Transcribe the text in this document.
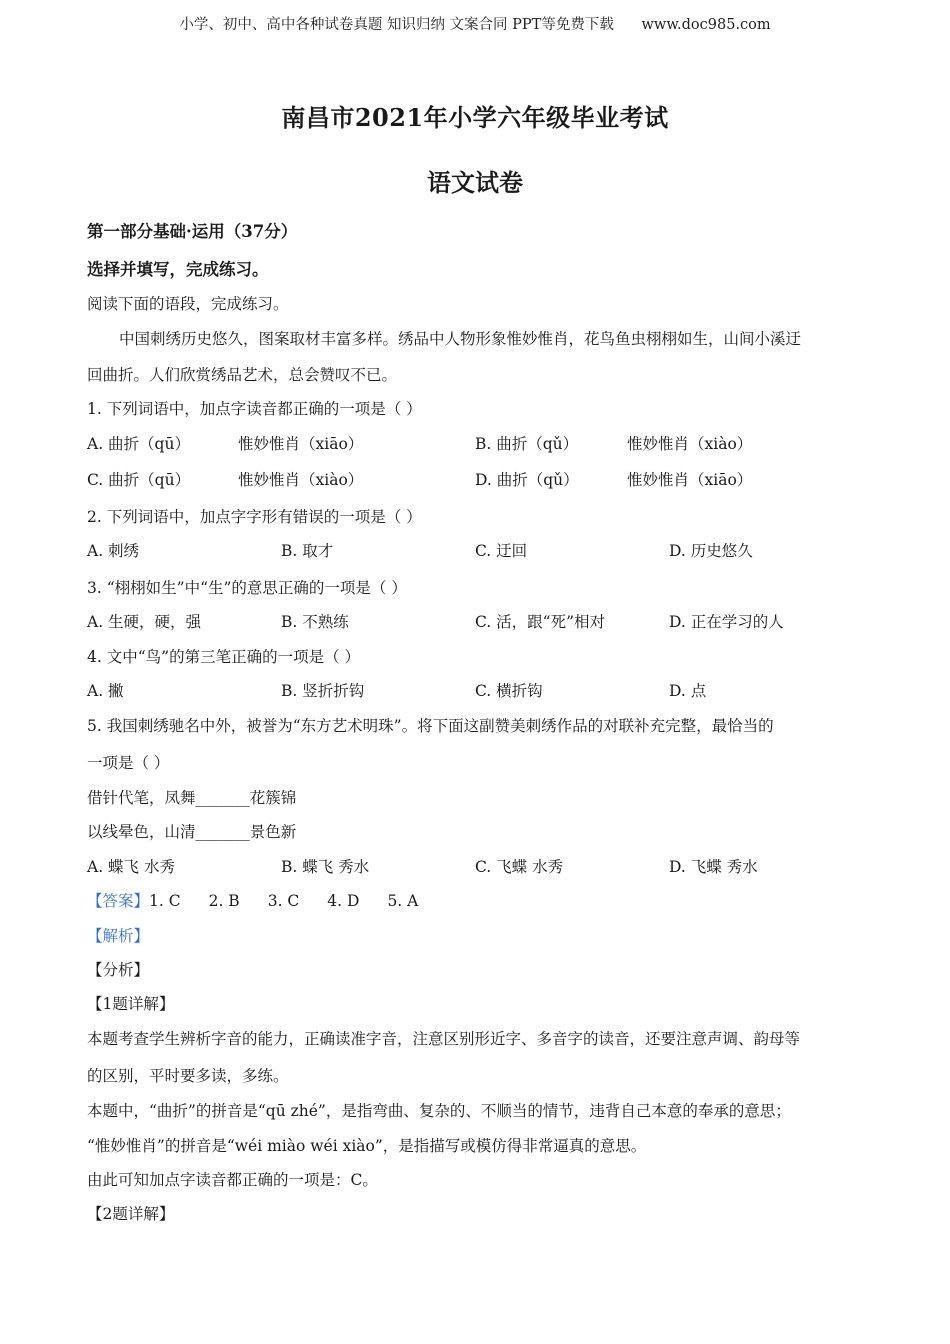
小学、初中、高中各种试卷真题 知识归纳 文案合同 PPT等免费下载      www.doc985.com
南昌市2021年小学六年级毕业考试
语文试卷
第一部分基础·运用（37分）
选择并填写，完成练习。
阅读下面的语段，完成练习。
中国刺绣历史悠久，图案取材丰富多样。绣品中人物形象惟妙惟肖，花鸟鱼虫栩栩如生，山间小溪迂
回曲折。人们欣赏绣品艺术，总会赞叹不已。
1. 下列词语中，加点字读音都正确的一项是（ ）
A. 曲折（qū）	惟妙惟肖（xiāo）	B. 曲折（qǔ）	惟妙惟肖（xiào）
C. 曲折（qū）	惟妙惟肖（xiào）	D. 曲折（qǔ）	惟妙惟肖（xiāo）
2. 下列词语中，加点字字形有错误的一项是（ ）
A. 刺绣	B. 取才	C. 迂回	D. 历史悠久
3. “栩栩如生”中“生”的意思正确的一项是（ ）
A. 生硬，硬，强	B. 不熟练	C. 活，跟“死”相对	D. 正在学习的人
4. 文中“鸟”的第三笔正确的一项是（ ）
A. 撇	B. 竖折折钩	C. 横折钩	D. 点
5. 我国刺绣驰名中外，被誉为“东方艺术明珠”。将下面这副赞美刺绣作品的对联补充完整，最恰当的
一项是（ ）
借针代笔，凤舞_______花簇锦
以线晕色，山清_______景色新
A. 蝶飞 水秀	B. 蝶飞 秀水	C. 飞蝶 水秀	D. 飞蝶 秀水
【答案】1. C 2. B 3. C 4. D 5. A
【解析】
【分析】
【1题详解】
本题考查学生辨析字音的能力，正确读准字音，注意区别形近字、多音字的读音，还要注意声调、韵母等
的区别，平时要多读，多练。
本题中，“曲折”的拼音是“qū zhé”，是指弯曲、复杂的、不顺当的情节，违背自己本意的奉承的意思；
“惟妙惟肖”的拼音是“wéi miào wéi xiào”，是指描写或模仿得非常逼真的意思。
由此可知加点字读音都正确的一项是：C。
【2题详解】
